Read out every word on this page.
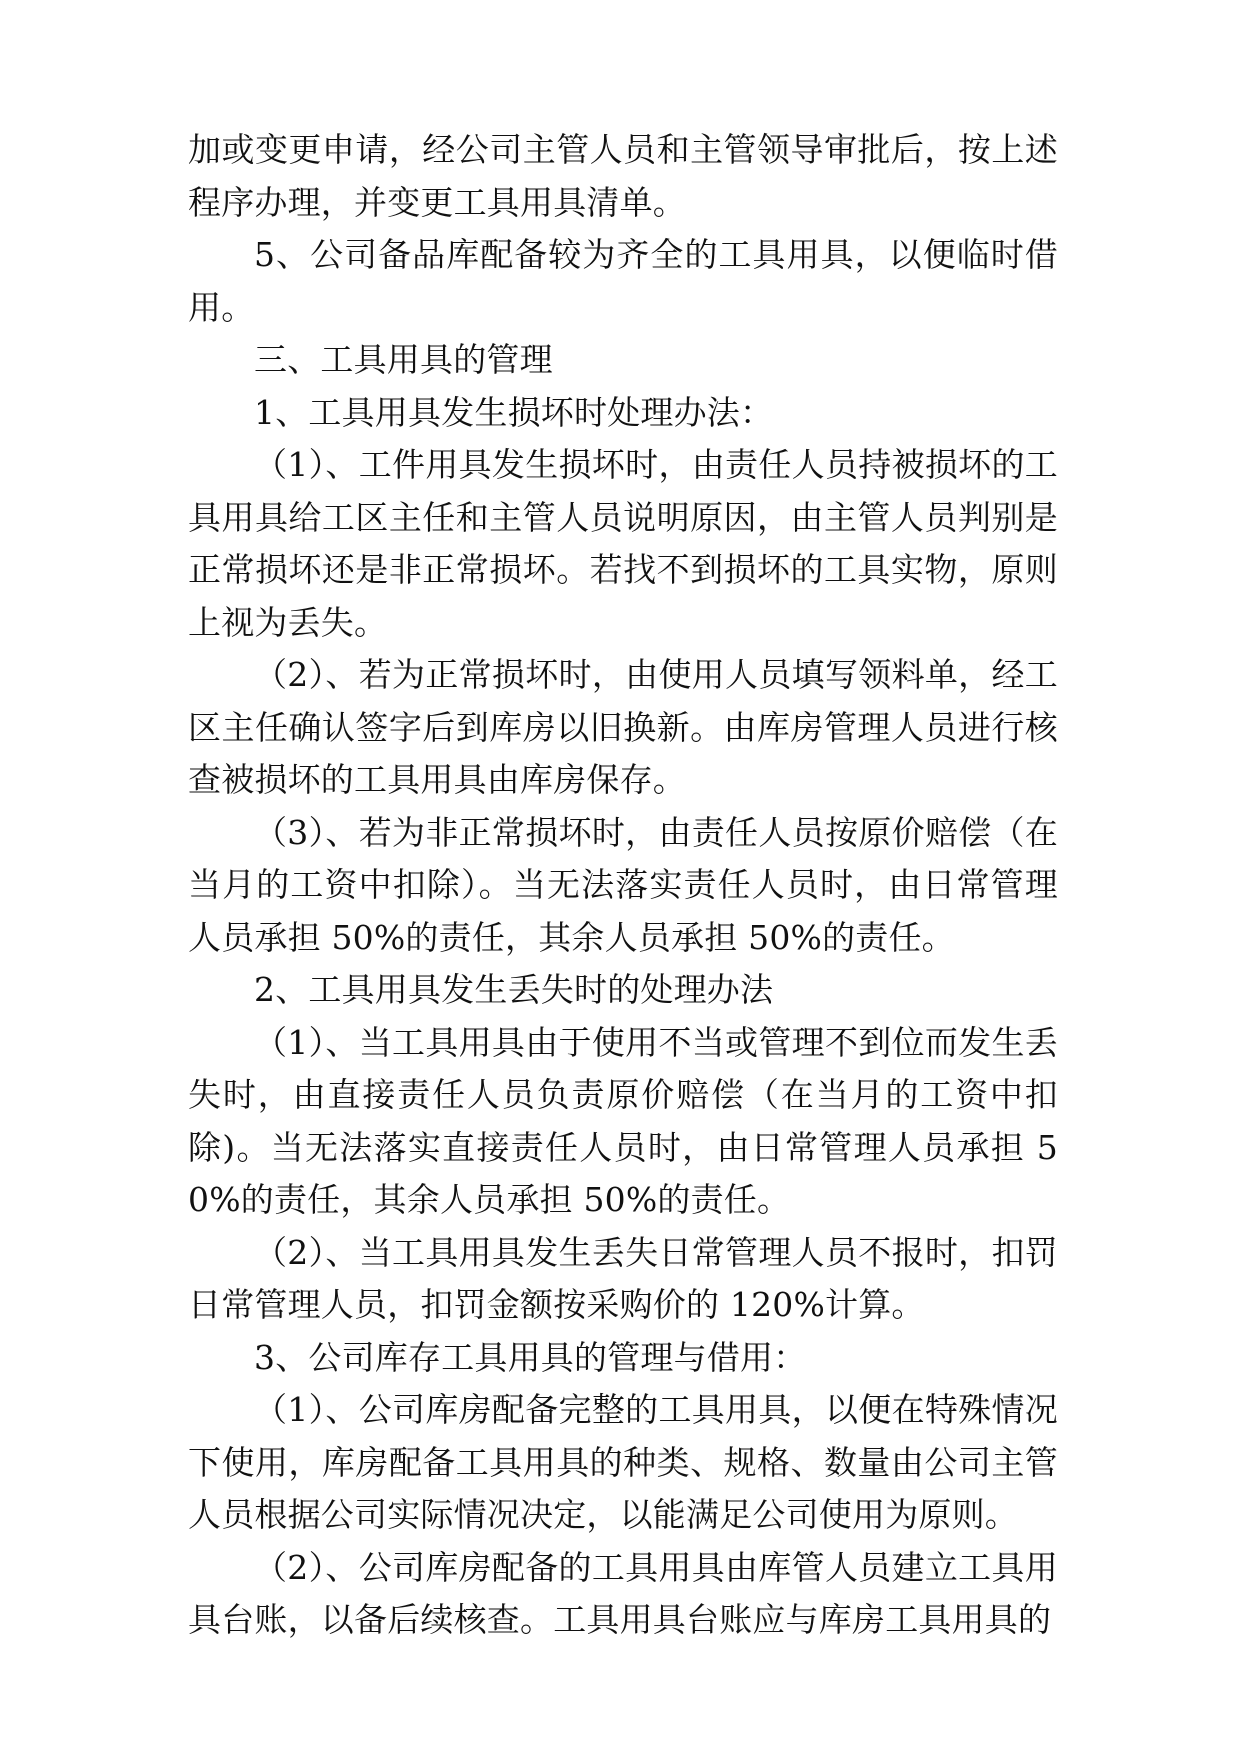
加或变更申请，经公司主管人员和主管领导审批后，按上述程序办理，并变更工具用具清单。

5、公司备品库配备较为齐全的工具用具，以便临时借用。

三、工具用具的管理

1、工具用具发生损坏时处理办法：

（1）、工件用具发生损坏时，由责任人员持被损坏的工具用具给工区主任和主管人员说明原因，由主管人员判别是正常损坏还是非正常损坏。若找不到损坏的工具实物，原则上视为丢失。

（2）、若为正常损坏时，由使用人员填写领料单，经工区主任确认签字后到库房以旧换新。由库房管理人员进行核查被损坏的工具用具由库房保存。

（3）、若为非正常损坏时，由责任人员按原价赔偿（在当月的工资中扣除）。当无法落实责任人员时，由日常管理人员承担 50%的责任，其余人员承担 50%的责任。

2、工具用具发生丢失时的处理办法

（1）、当工具用具由于使用不当或管理不到位而发生丢失时，由直接责任人员负责原价赔偿（在当月的工资中扣除)。当无法落实直接责任人员时，由日常管理人员承担 50%的责任，其余人员承担 50%的责任。

（2）、当工具用具发生丢失日常管理人员不报时，扣罚日常管理人员，扣罚金额按采购价的 120%计算。

3、公司库存工具用具的管理与借用：

（1）、公司库房配备完整的工具用具，以便在特殊情况下使用，库房配备工具用具的种类、规格、数量由公司主管人员根据公司实际情况决定，以能满足公司使用为原则。

（2）、公司库房配备的工具用具由库管人员建立工具用具台账，以备后续核查。工具用具台账应与库房工具用具的
